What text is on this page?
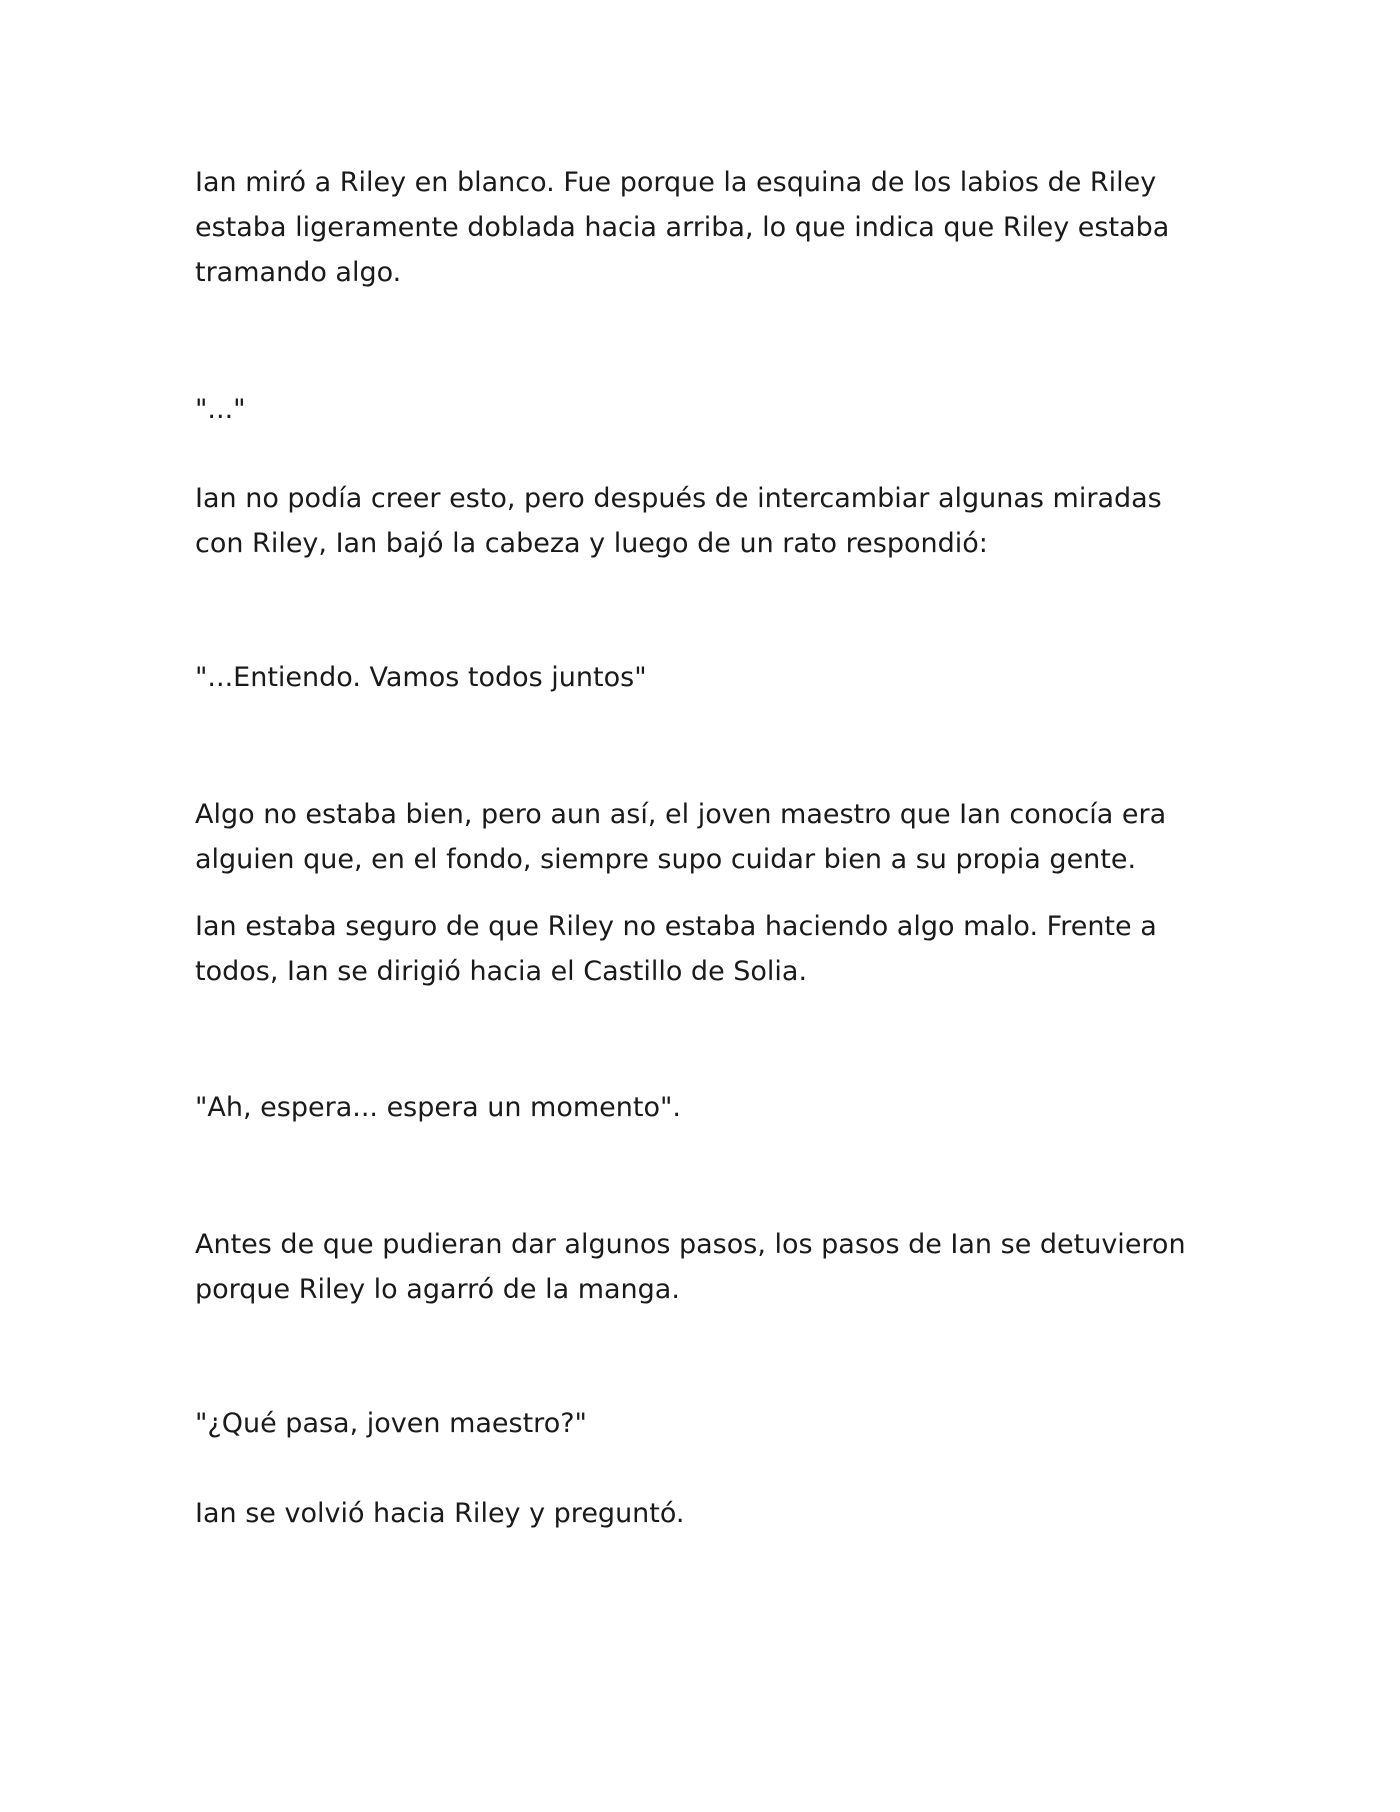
Ian miró a Riley en blanco. Fue porque la esquina de los labios de Riley estaba ligeramente doblada hacia arriba, lo que indica que Riley estaba tramando algo.

"..."

Ian no podía creer esto, pero después de intercambiar algunas miradas con Riley, Ian bajó la cabeza y luego de un rato respondió:

"...Entiendo. Vamos todos juntos"

Algo no estaba bien, pero aun así, el joven maestro que Ian conocía era alguien que, en el fondo, siempre supo cuidar bien a su propia gente.

Ian estaba seguro de que Riley no estaba haciendo algo malo. Frente a todos, Ian se dirigió hacia el Castillo de Solia.

"Ah, espera... espera un momento".

Antes de que pudieran dar algunos pasos, los pasos de Ian se detuvieron porque Riley lo agarró de la manga.

"¿Qué pasa, joven maestro?"

Ian se volvió hacia Riley y preguntó.
